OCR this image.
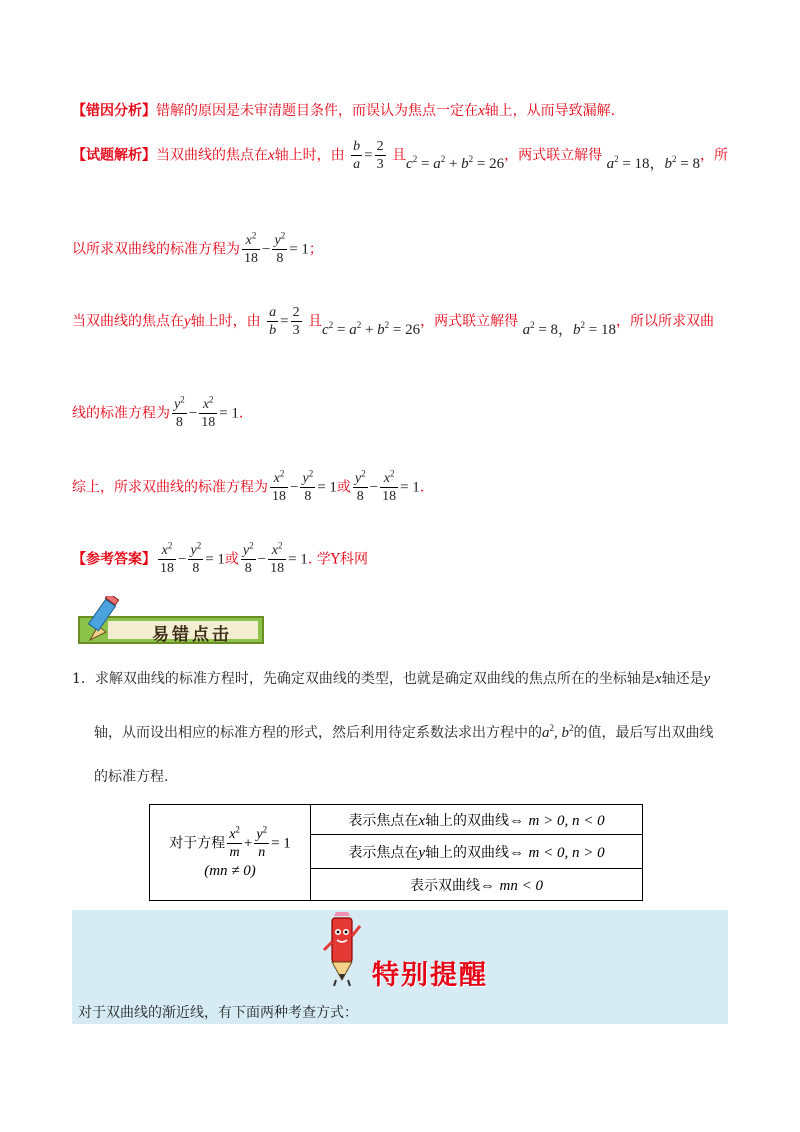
【错因分析】错解的原因是未审清题目条件，而误认为焦点一定在x轴上，从而导致漏解.
【试题解析】当双曲线的焦点在x轴上时，由 $\frac{b}{a} = \frac{2}{3}$ 且$c^2 = a^2 + b^2 = 26$，两式联立解得 $a^2 = 18$，$b^2 = 8$，所
以所求双曲线的标准方程为 $\frac{x^2}{18} - \frac{y^2}{8} = 1$；
当双曲线的焦点在y轴上时，由 $\frac{a}{b} = \frac{2}{3}$ 且$c^2 = a^2 + b^2 = 26$，两式联立解得 $a^2 = 8$，$b^2 = 18$，所以所求双曲
线的标准方程为 $\frac{y^2}{8} - \frac{x^2}{18} = 1$.
综上，所求双曲线的标准方程为 $\frac{x^2}{18} - \frac{y^2}{8} = 1$或 $\frac{y^2}{8} - \frac{x^2}{18} = 1$.
【参考答案】 $\frac{x^2}{18} - \frac{y^2}{8} = 1$或 $\frac{y^2}{8} - \frac{x^2}{18} = 1$. 学Y科网
易错点击
1．求解双曲线的标准方程时，先确定双曲线的类型，也就是确定双曲线的焦点所在的坐标轴是x轴还是y
轴，从而设出相应的标准方程的形式，然后利用待定系数法求出方程中的$a^2$, $b^2$的值，最后写出双曲线
的标准方程.
对于方程 $\frac{x^2}{m} + \frac{y^2}{n} = 1$
(mn ≠ 0)
	表示焦点在x轴上的双曲线⇔ m > 0, n < 0
表示焦点在y轴上的双曲线⇔ m < 0, n > 0
表示双曲线⇔ mn < 0
特别提醒
对于双曲线的渐近线，有下面两种考查方式：
